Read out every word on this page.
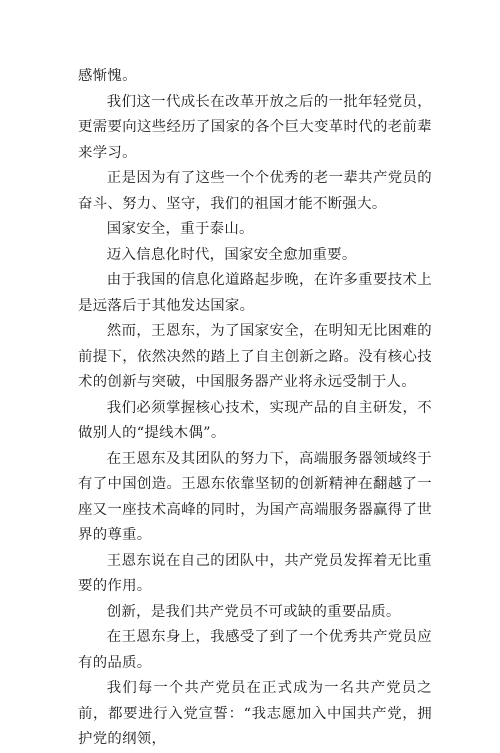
感惭愧。

我们这一代成长在改革开放之后的一批年轻党员，更需要向这些经历了国家的各个巨大变革时代的老前辈来学习。

正是因为有了这些一个个优秀的老一辈共产党员的奋斗、努力、坚守，我们的祖国才能不断强大。

国家安全，重于泰山。

迈入信息化时代，国家安全愈加重要。

由于我国的信息化道路起步晚，在许多重要技术上是远落后于其他发达国家。

然而，王恩东，为了国家安全，在明知无比困难的前提下，依然决然的踏上了自主创新之路。没有核心技术的创新与突破，中国服务器产业将永远受制于人。

我们必须掌握核心技术，实现产品的自主研发，不做别人的“提线木偶”。

在王恩东及其团队的努力下，高端服务器领域终于有了中国创造。王恩东依靠坚韧的创新精神在翻越了一座又一座技术高峰的同时，为国产高端服务器赢得了世界的尊重。

王恩东说在自己的团队中，共产党员发挥着无比重要的作用。

创新，是我们共产党员不可或缺的重要品质。

在王恩东身上，我感受了到了一个优秀共产党员应有的品质。

我们每一个共产党员在正式成为一名共产党员之前，都要进行入党宣誓：“我志愿加入中国共产党，拥护党的纲领，
